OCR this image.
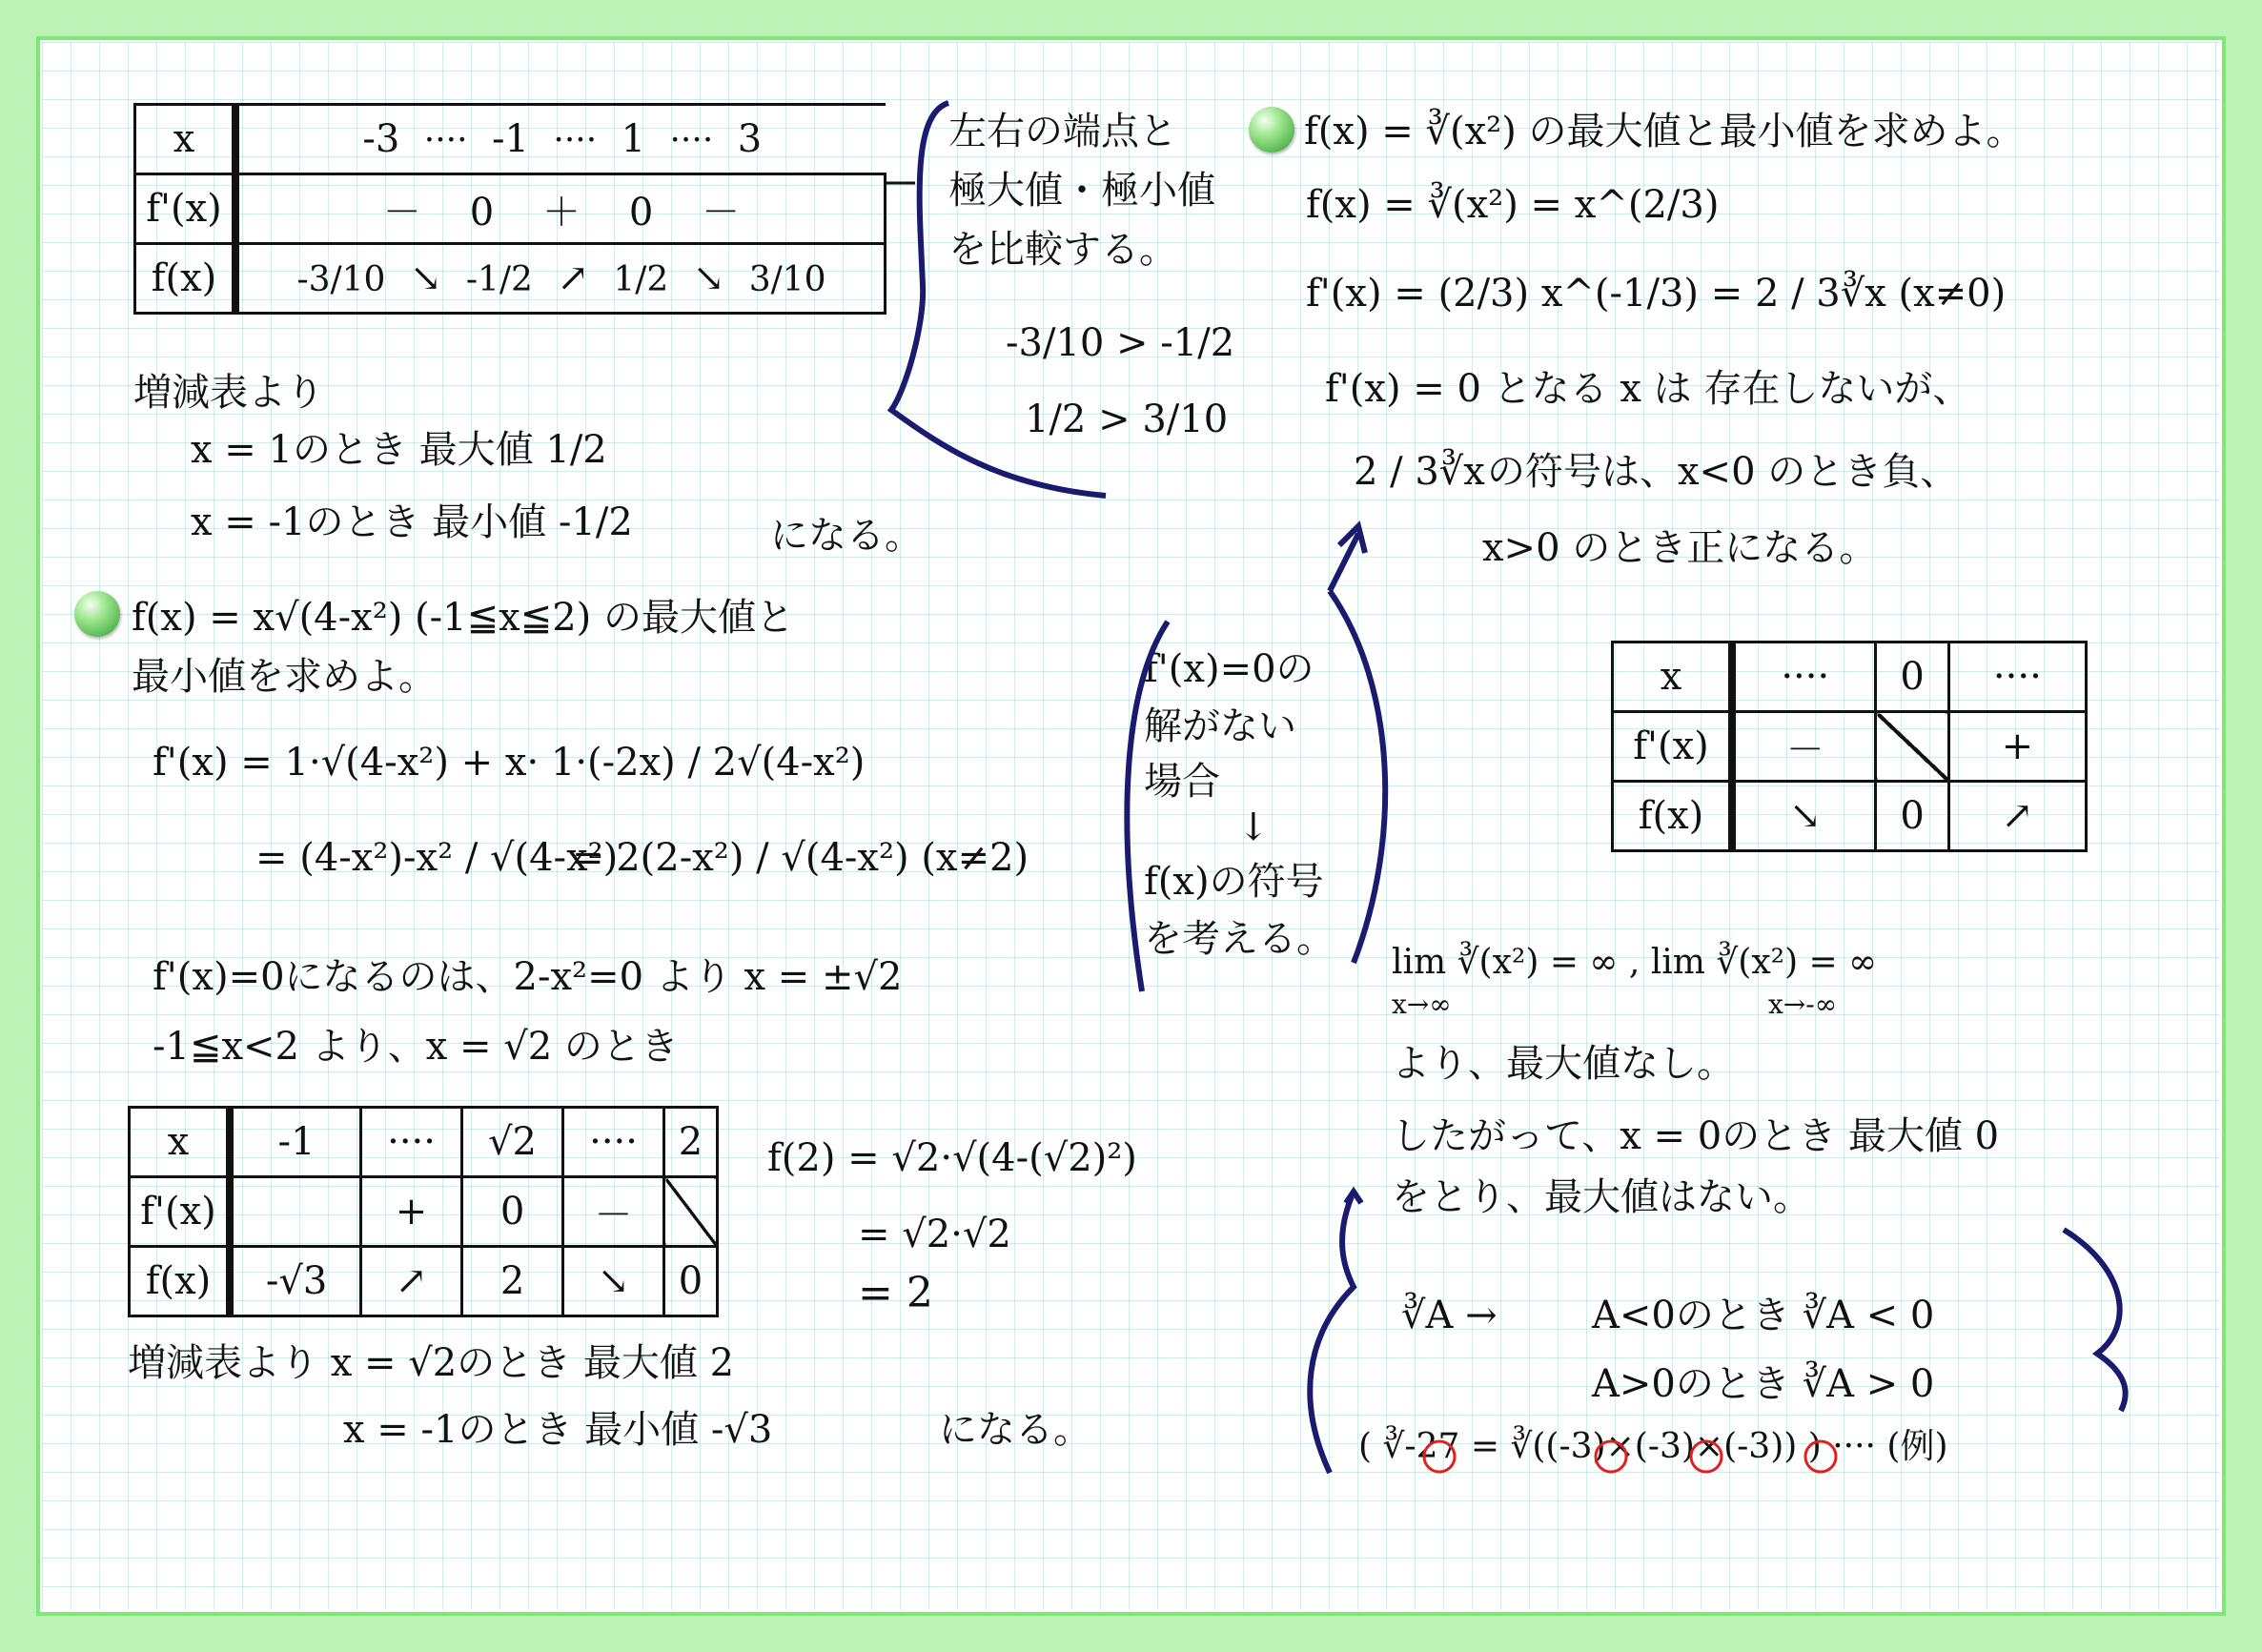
x	-3 ···· -1 ···· 1 ···· 3
f'(x)	－ 0 ＋ 0 －
f(x)	-3/10 ↘ -1/2 ↗ 1/2 ↘ 3/10
増減表より
x = 1のとき 最大値 1/2
x = -1のとき 最小値 -1/2	になる。
左右の端点と
極大値・極小値
を比較する。
-3/10 > -1/2
1/2 > 3/10
f(x) = x√(4-x²) (-1≦x≦2) の最大値と
最小値を求めよ。
f'(x) = 1·√(4-x²) + x· 1·(-2x) / 2√(4-x²)
= (4-x²)-x² / √(4-x²)
= 2(2-x²) / √(4-x²) (x≠2)
f'(x)=0になるのは、2-x²=0 より x = ±√2
-1≦x<2 より、x = √2 のとき
x	-1	····	√2	····	2
f'(x)		+	0	－	
f(x)	-√3	↗	2	↘	0
f(2) = √2·√(4-(√2)²)
= √2·√2
= 2
増減表より x = √2のとき 最大値 2
x = -1のとき 最小値 -√3	になる。
f'(x)=0の
解がない
場合
↓
f(x)の符号
を考える。
f(x) = ∛(x²) の最大値と最小値を求めよ。
f(x) = ∛(x²) = x^(2/3)
f'(x) = (2/3) x^(-1/3) = 2 / 3∛x (x≠0)
f'(x) = 0 となる x は 存在しないが、
2 / 3∛x の符号は、x<0 のとき負、
x>0 のとき正になる。
x	····	0	····
f'(x)	－		+
f(x)	↘	0	↗
lim ∛(x²) = ∞ , lim ∛(x²) = ∞
x→∞	x→-∞
より、最大値なし。
したがって、x = 0のとき 最大値 0
をとり、最大値はない。
∛A → A<0のとき ∛A < 0
A>0のとき ∛A > 0
( ∛-27 = ∛((-3)×(-3)×(-3)) ) ···· (例)
